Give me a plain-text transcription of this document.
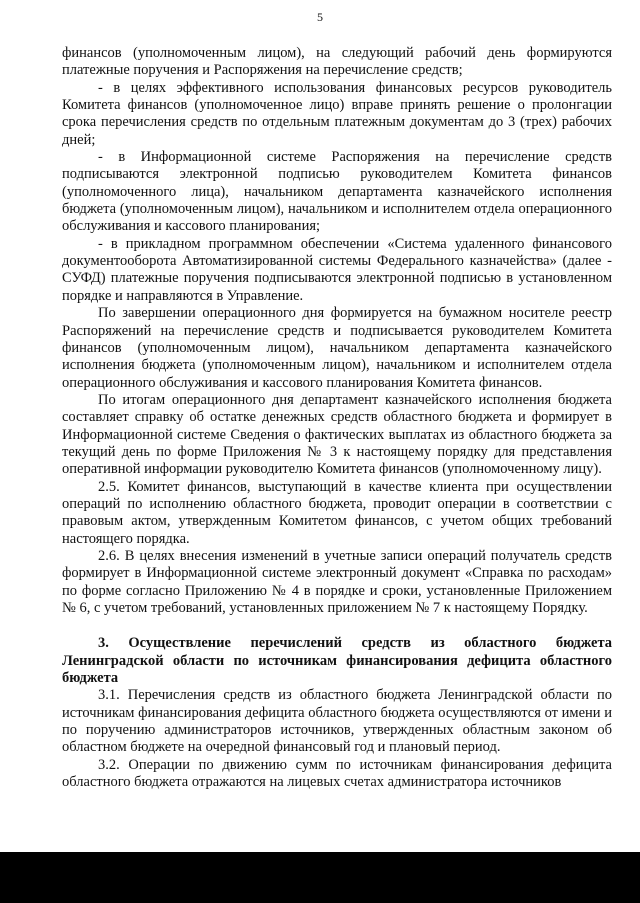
5

финансов (уполномоченным лицом), на следующий рабочий день формируются платежные поручения и Распоряжения на перечисление средств;

- в целях эффективного использования финансовых ресурсов руководитель Комитета финансов (уполномоченное лицо) вправе принять решение о пролонгации срока перечисления средств по отдельным платежным документам до 3 (трех) рабочих дней;

- в Информационной системе Распоряжения на перечисление средств подписываются электронной подписью руководителем Комитета финансов (уполномоченного лица), начальником департамента казначейского исполнения бюджета (уполномоченным лицом), начальником и исполнителем отдела операционного обслуживания и кассового планирования;

- в прикладном программном обеспечении «Система удаленного финансового документооборота Автоматизированной системы Федерального казначейства» (далее - СУФД) платежные поручения подписываются электронной подписью в установленном порядке и направляются в Управление.

По завершении операционного дня формируется на бумажном носителе реестр Распоряжений на перечисление средств и подписывается руководителем Комитета финансов (уполномоченным лицом), начальником департамента казначейского исполнения бюджета (уполномоченным лицом), начальником и исполнителем отдела операционного обслуживания и кассового планирования Комитета финансов.

По итогам операционного дня департамент казначейского исполнения бюджета составляет справку об остатке денежных средств областного бюджета и формирует в Информационной системе Сведения о фактических выплатах из областного бюджета за текущий день по форме Приложения № 3 к настоящему порядку для представления оперативной информации руководителю Комитета финансов (уполномоченному лицу).

2.5. Комитет финансов, выступающий в качестве клиента при осуществлении операций по исполнению областного бюджета, проводит операции в соответствии с правовым актом, утвержденным Комитетом финансов, с учетом общих требований настоящего порядка.

2.6. В целях внесения изменений в учетные записи операций получатель средств формирует в Информационной системе электронный документ «Справка по расходам» по форме согласно Приложению № 4 в порядке и сроки, установленные Приложением № 6, с учетом требований, установленных приложением № 7 к настоящему Порядку.

3. Осуществление перечислений средств из областного бюджета Ленинградской области по источникам финансирования дефицита областного бюджета

3.1. Перечисления средств из областного бюджета Ленинградской области по источникам финансирования дефицита областного бюджета осуществляются от имени и по поручению администраторов источников, утвержденных областным законом об областном бюджете на очередной финансовый год и плановый период.

3.2. Операции по движению сумм по источникам финансирования дефицита областного бюджета отражаются на лицевых счетах администратора источников
